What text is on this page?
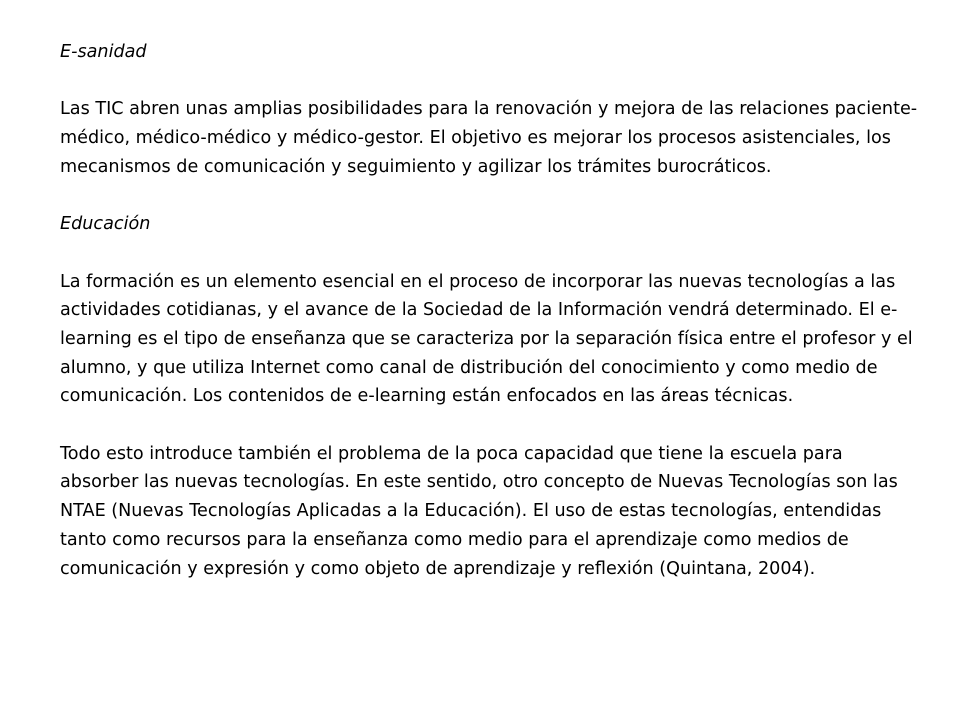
E-sanidad

Las TIC abren unas amplias posibilidades para la renovación y mejora de las relaciones paciente-médico, médico-médico y médico-gestor. El objetivo es mejorar los procesos asistenciales, los mecanismos de comunicación y seguimiento y agilizar los trámites burocráticos.

Educación

La formación es un elemento esencial en el proceso de incorporar las nuevas tecnologías a las actividades cotidianas, y el avance de la Sociedad de la Información vendrá determinado. El e-learning es el tipo de enseñanza que se caracteriza por la separación física entre el profesor y el alumno, y que utiliza Internet como canal de distribución del conocimiento y como medio de comunicación. Los contenidos de e-learning están enfocados en las áreas técnicas.

Todo esto introduce también el problema de la poca capacidad que tiene la escuela para absorber las nuevas tecnologías. En este sentido, otro concepto de Nuevas Tecnologías son las NTAE (Nuevas Tecnologías Aplicadas a la Educación). El uso de estas tecnologías, entendidas tanto como recursos para la enseñanza como medio para el aprendizaje como medios de comunicación y expresión y como objeto de aprendizaje y reflexión (Quintana, 2004).
